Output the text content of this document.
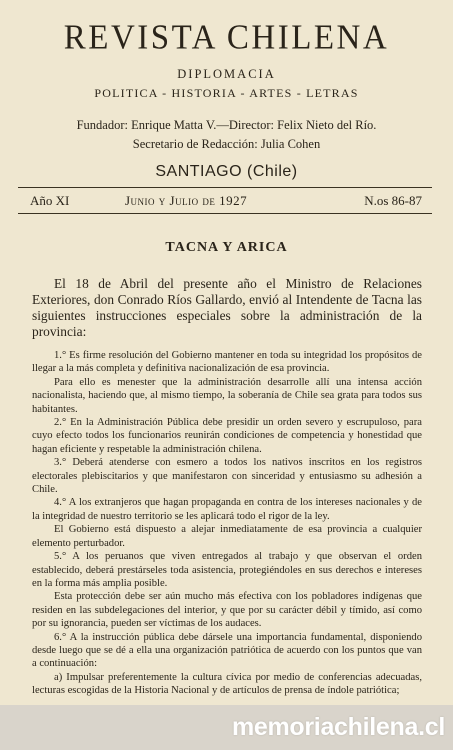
REVISTA CHILENA
DIPLOMACIA
POLITICA - HISTORIA - ARTES - LETRAS
Fundador: Enrique Matta V.—Director: Felix Nieto del Río.
Secretario de Redacción: Julia Cohen
SANTIAGO (Chile)
Año XI	Junio y Julio de 1927	N.os 86-87
TACNA Y ARICA

El 18 de Abril del presente año el Ministro de Relaciones Exteriores, don Conrado Ríos Gallardo, envió al Intendente de Tacna las siguientes instrucciones especiales sobre la administración de la provincia:

1.° Es firme resolución del Gobierno mantener en toda su integridad los propósitos de llegar a la más completa y definitiva nacionalización de esa provincia.

Para ello es menester que la administración desarrolle allí una intensa acción nacionalista, haciendo que, al mismo tiempo, la soberanía de Chile sea grata para todos sus habitantes.

2.° En la Administración Pública debe presidir un orden severo y escrupuloso, para cuyo efecto todos los funcionarios reunirán condiciones de competencia y honestidad que hagan eficiente y respetable la administración chilena.

3.° Deberá atenderse con esmero a todos los nativos inscritos en los registros electorales plebiscitarios y que manifestaron con sinceridad y entusiasmo su adhesión a Chile.

4.° A los extranjeros que hagan propaganda en contra de los intereses nacionales y de la integridad de nuestro territorio se les aplicará todo el rigor de la ley.

El Gobierno está dispuesto a alejar inmediatamente de esa provincia a cualquier elemento perturbador.

5.° A los peruanos que viven entregados al trabajo y que observan el orden establecido, deberá prestárseles toda asistencia, protegiéndoles en sus derechos e intereses en la forma más amplia posible.

Esta protección debe ser aún mucho más efectiva con los pobladores indígenas que residen en las subdelegaciones del interior, y que por su carácter débil y tímido, así como por su ignorancia, pueden ser víctimas de los audaces.

6.° A la instrucción pública debe dársele una importancia fundamental, disponiendo desde luego que se dé a ella una organización patriótica de acuerdo con los puntos que van a continuación:

a) Impulsar preferentemente la cultura cívica por medio de conferencias adecuadas, lecturas escogidas de la Historia Nacional y de artículos de prensa de índole patriótica;

memoriachilena.cl
